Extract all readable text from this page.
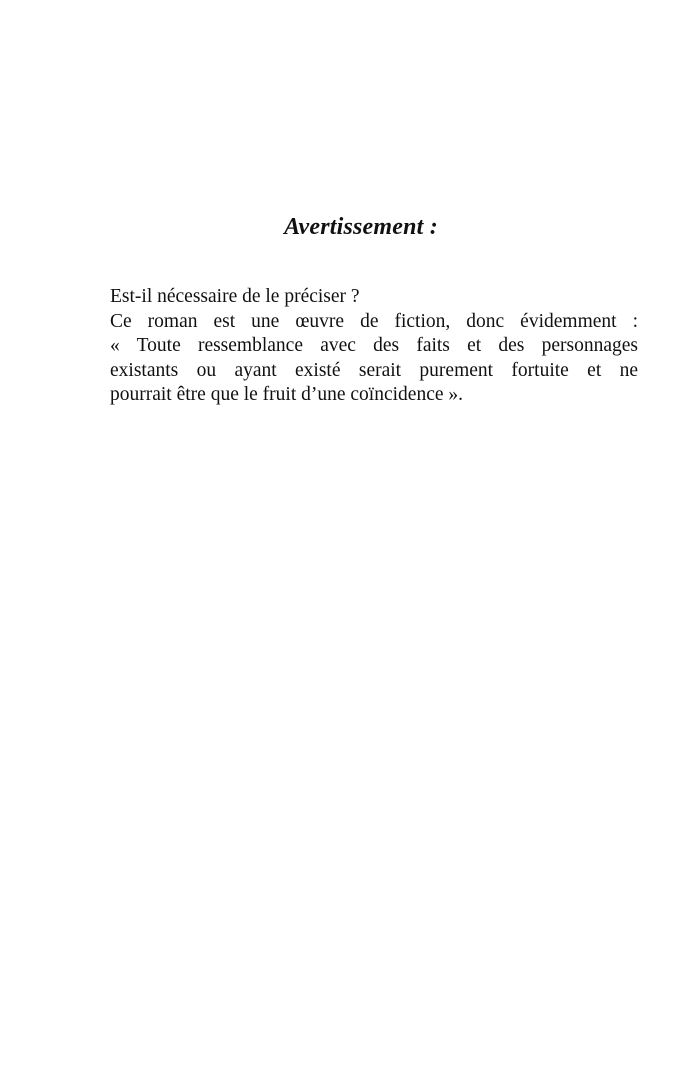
Avertissement :
Est-il nécessaire de le préciser ?
Ce roman est une œuvre de fiction, donc évidemment :
« Toute ressemblance avec des faits et des personnages
existants ou ayant existé serait purement fortuite et ne
pourrait être que le fruit d’une coïncidence ».
